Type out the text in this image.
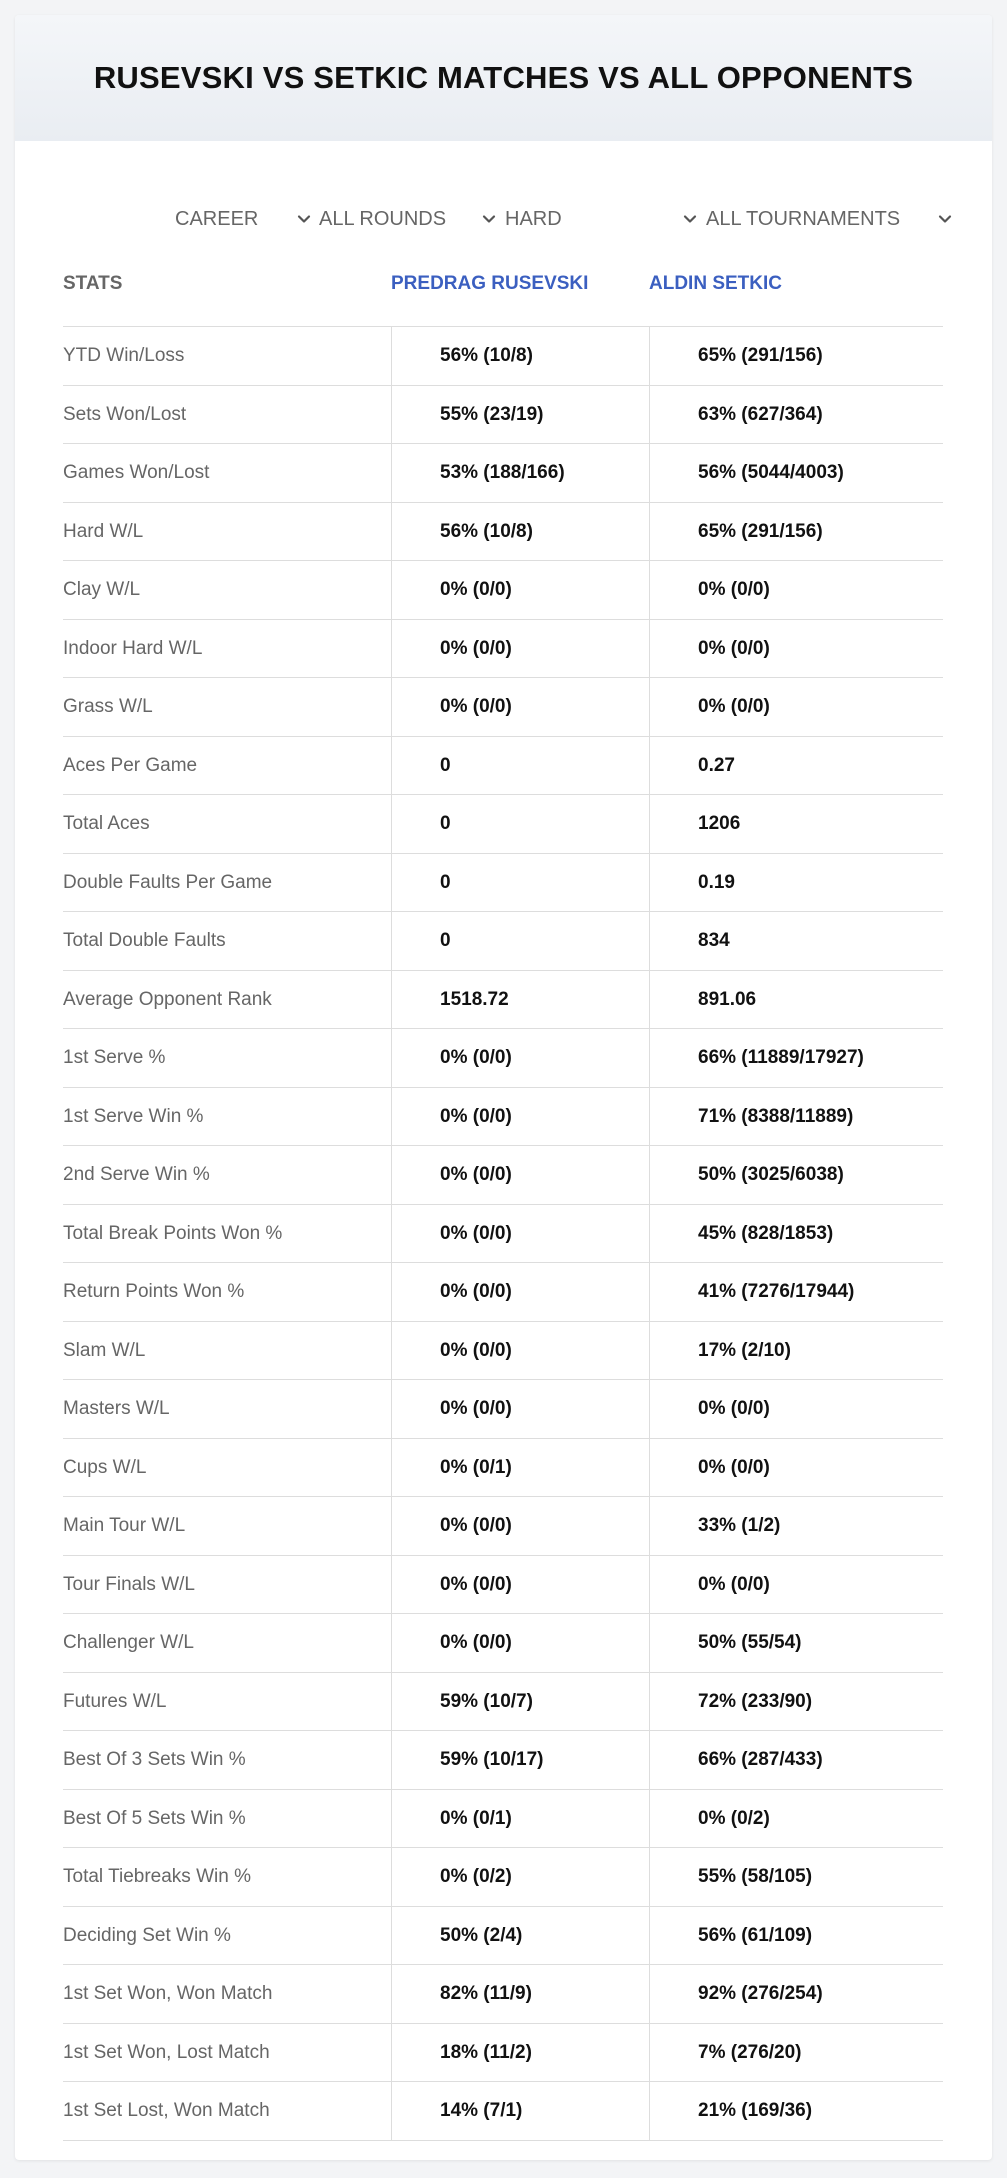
RUSEVSKI VS SETKIC MATCHES VS ALL OPPONENTS
CAREER	ALL ROUNDS	HARD	ALL TOURNAMENTS
STATS	PREDRAG RUSEVSKI	ALDIN SETKIC
YTD Win/Loss	56% (10/8)	65% (291/156)
Sets Won/Lost	55% (23/19)	63% (627/364)
Games Won/Lost	53% (188/166)	56% (5044/4003)
Hard W/L	56% (10/8)	65% (291/156)
Clay W/L	0% (0/0)	0% (0/0)
Indoor Hard W/L	0% (0/0)	0% (0/0)
Grass W/L	0% (0/0)	0% (0/0)
Aces Per Game	0	0.27
Total Aces	0	1206
Double Faults Per Game	0	0.19
Total Double Faults	0	834
Average Opponent Rank	1518.72	891.06
1st Serve %	0% (0/0)	66% (11889/17927)
1st Serve Win %	0% (0/0)	71% (8388/11889)
2nd Serve Win %	0% (0/0)	50% (3025/6038)
Total Break Points Won %	0% (0/0)	45% (828/1853)
Return Points Won %	0% (0/0)	41% (7276/17944)
Slam W/L	0% (0/0)	17% (2/10)
Masters W/L	0% (0/0)	0% (0/0)
Cups W/L	0% (0/1)	0% (0/0)
Main Tour W/L	0% (0/0)	33% (1/2)
Tour Finals W/L	0% (0/0)	0% (0/0)
Challenger W/L	0% (0/0)	50% (55/54)
Futures W/L	59% (10/7)	72% (233/90)
Best Of 3 Sets Win %	59% (10/17)	66% (287/433)
Best Of 5 Sets Win %	0% (0/1)	0% (0/2)
Total Tiebreaks Win %	0% (0/2)	55% (58/105)
Deciding Set Win %	50% (2/4)	56% (61/109)
1st Set Won, Won Match	82% (11/9)	92% (276/254)
1st Set Won, Lost Match	18% (11/2)	7% (276/20)
1st Set Lost, Won Match	14% (7/1)	21% (169/36)
